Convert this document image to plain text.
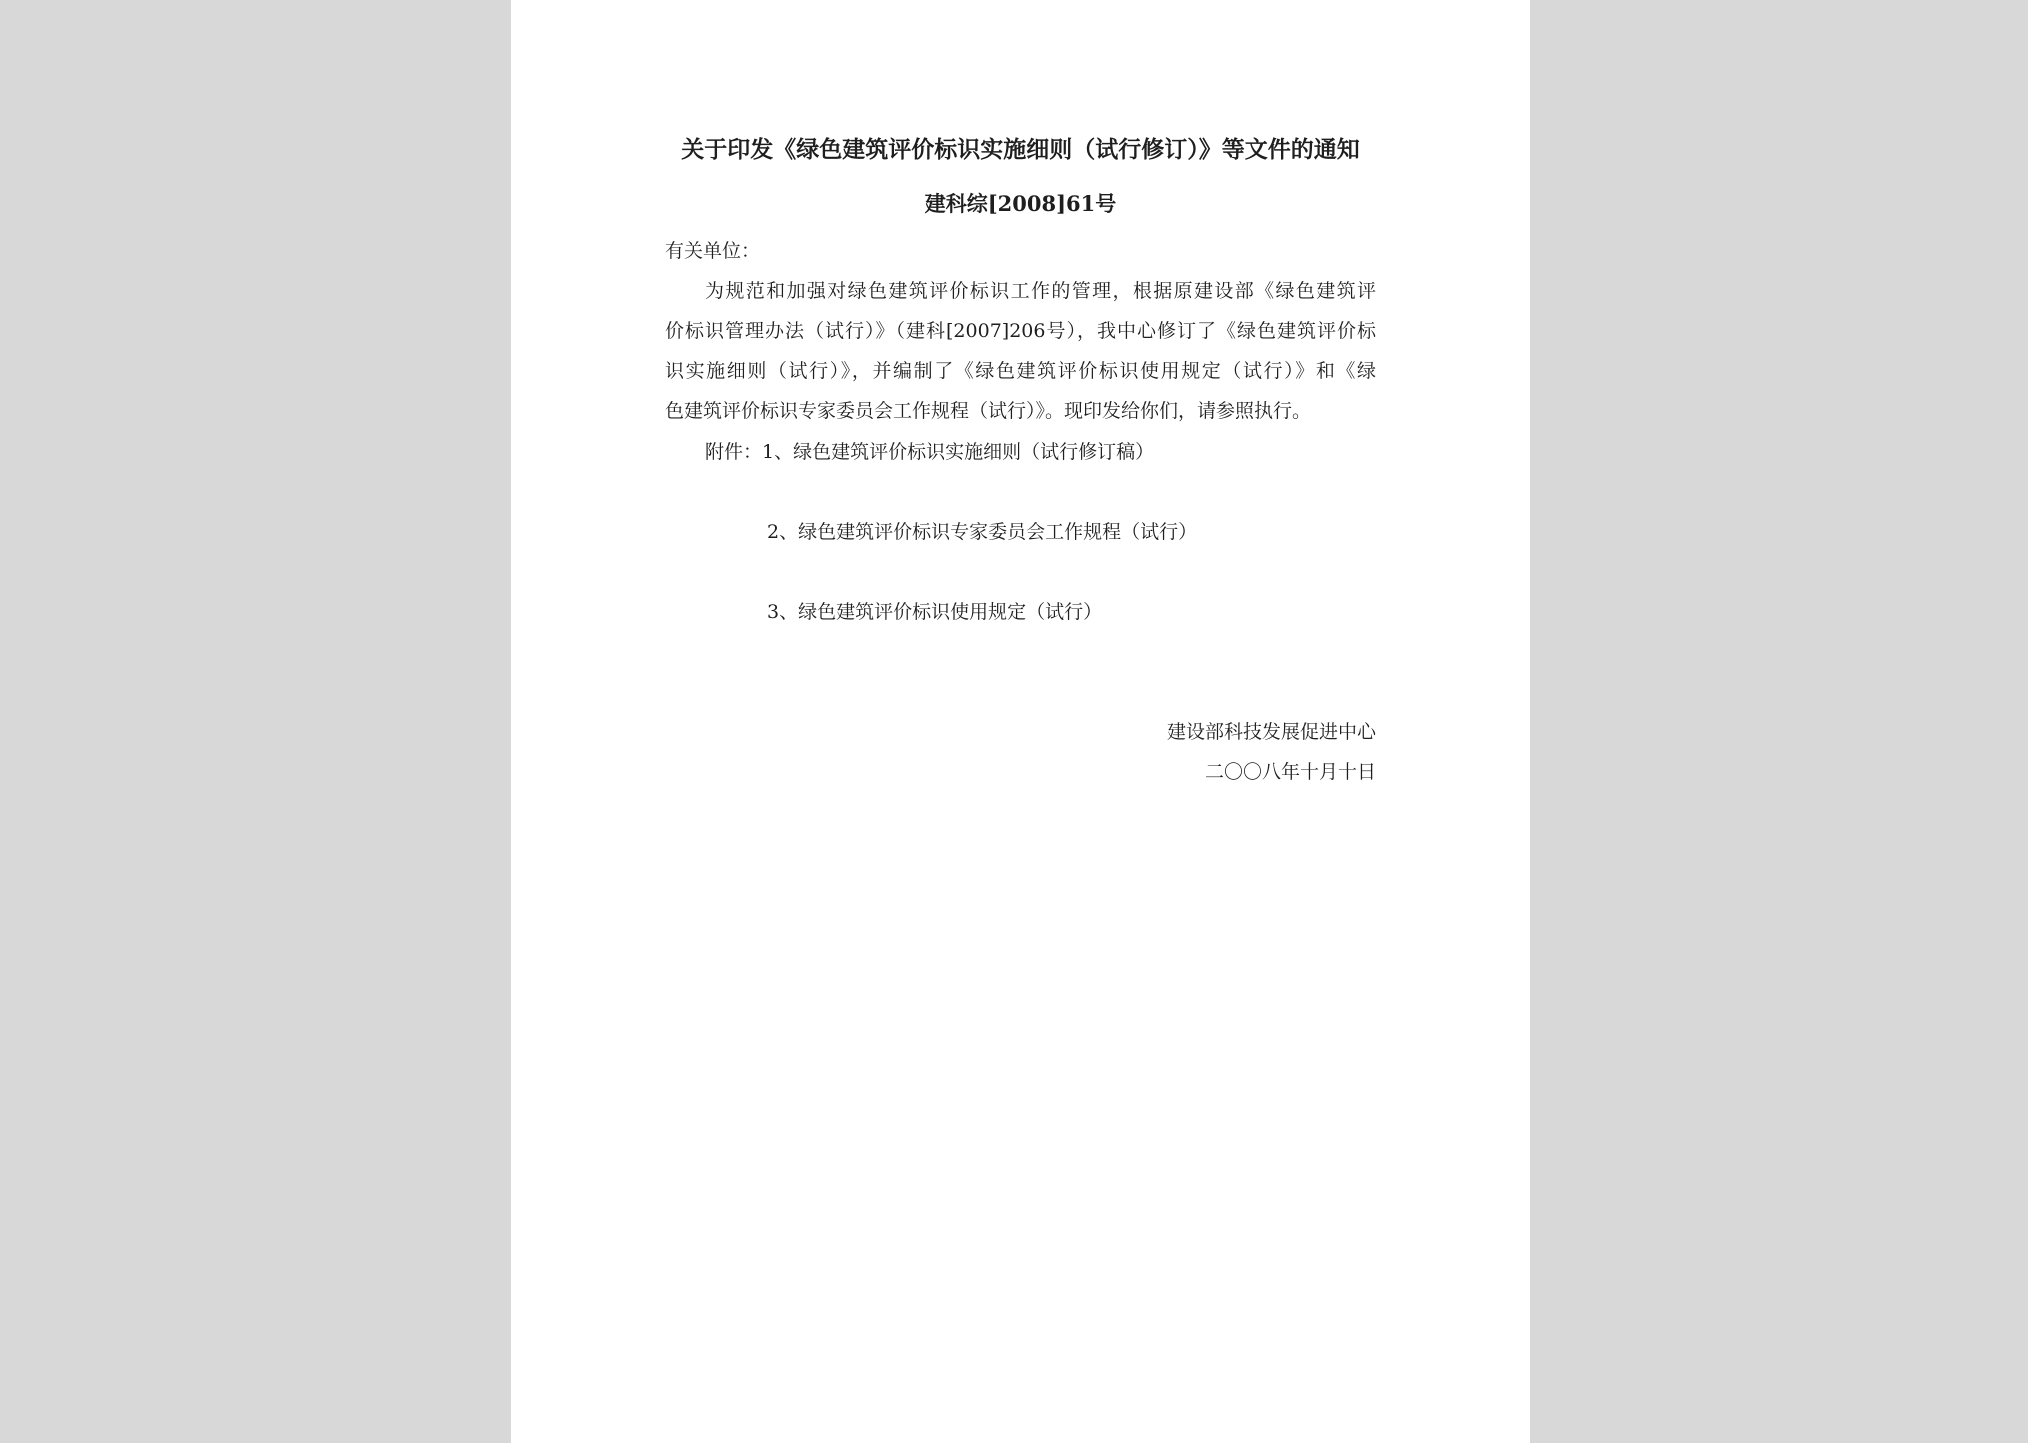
关于印发《绿色建筑评价标识实施细则（试行修订）》等文件的通知
建科综[2008]61号
有关单位：
为规范和加强对绿色建筑评价标识工作的管理，根据原建设部《绿色建筑评
价标识管理办法（试行）》（建科[2007]206号），我中心修订了《绿色建筑评价标
识实施细则（试行）》，并编制了《绿色建筑评价标识使用规定（试行）》和《绿
色建筑评价标识专家委员会工作规程（试行）》。现印发给你们，请参照执行。
附件：1、绿色建筑评价标识实施细则（试行修订稿）
2、绿色建筑评价标识专家委员会工作规程（试行）
3、绿色建筑评价标识使用规定（试行）
建设部科技发展促进中心
二〇〇八年十月十日
